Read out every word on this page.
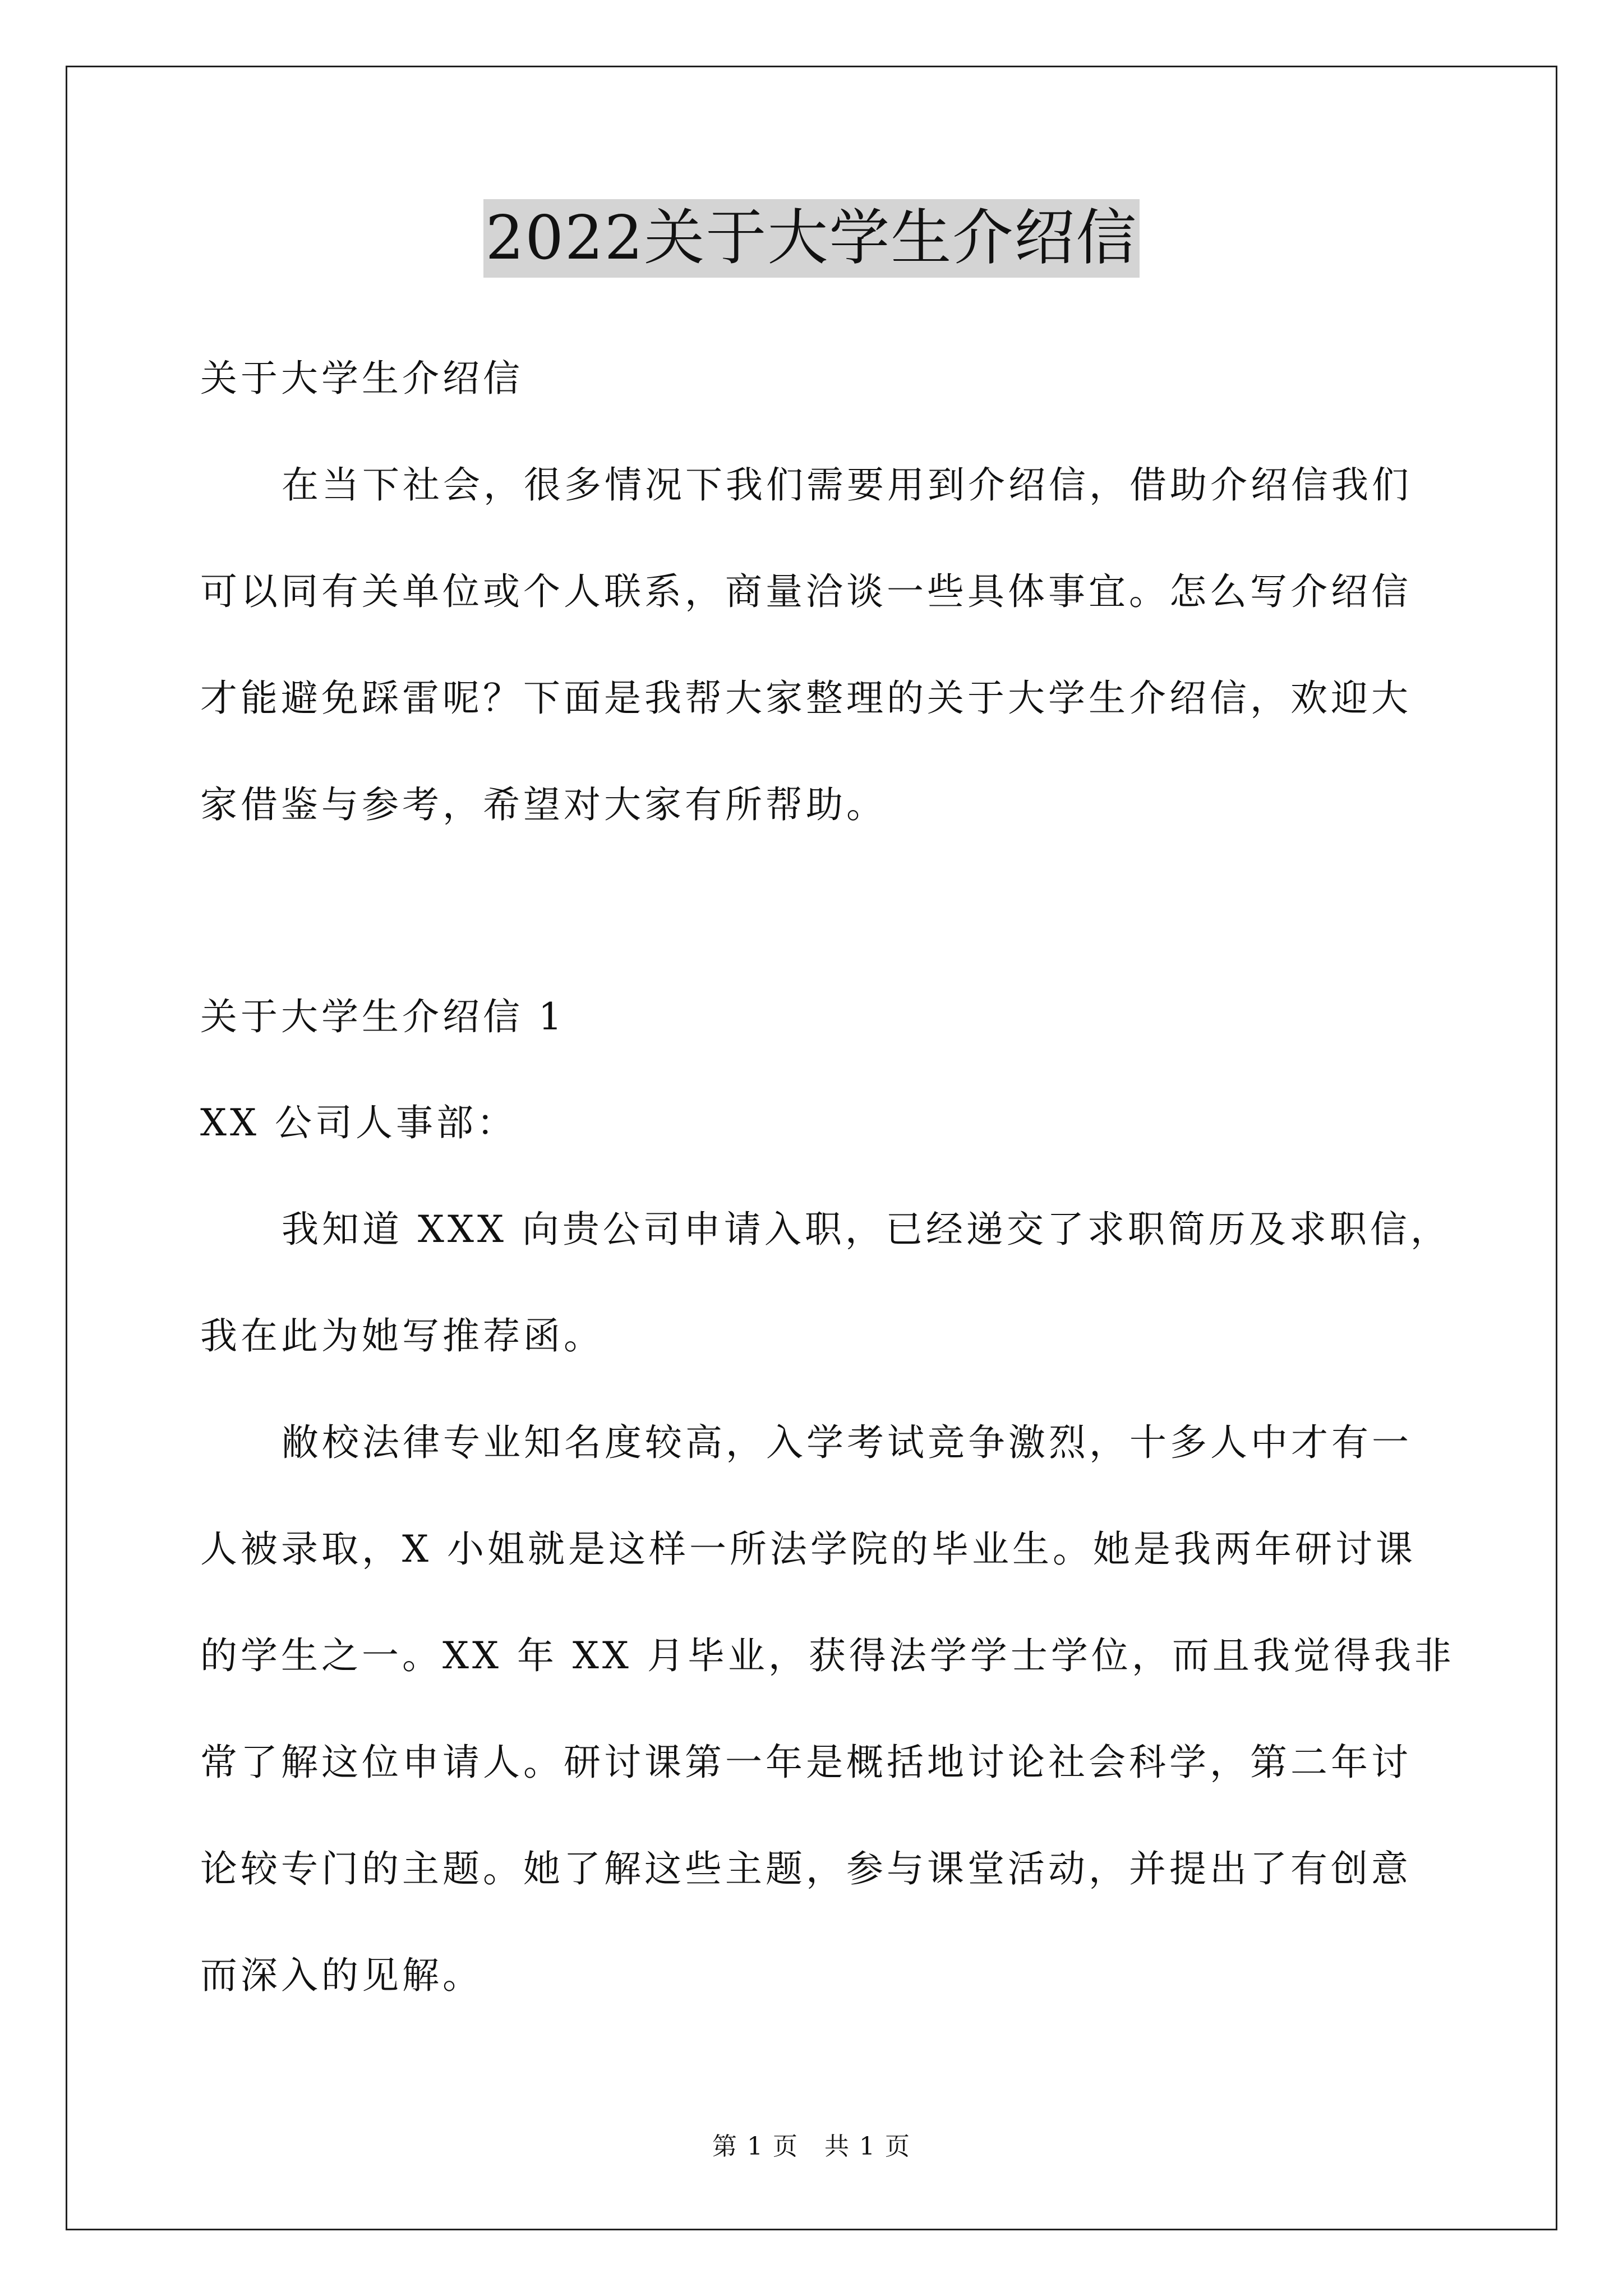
2022关于大学生介绍信
关于大学生介绍信
在当下社会，很多情况下我们需要用到介绍信，借助介绍信我们
可以同有关单位或个人联系，商量洽谈一些具体事宜。怎么写介绍信
才能避免踩雷呢？下面是我帮大家整理的关于大学生介绍信，欢迎大
家借鉴与参考，希望对大家有所帮助。
关于大学生介绍信 1
XX 公司人事部：
我知道 XXX 向贵公司申请入职，已经递交了求职简历及求职信，
我在此为她写推荐函。
敝校法律专业知名度较高，入学考试竞争激烈，十多人中才有一
人被录取，X 小姐就是这样一所法学院的毕业生。她是我两年研讨课
的学生之一。XX 年 XX 月毕业，获得法学学士学位，而且我觉得我非
常了解这位申请人。研讨课第一年是概括地讨论社会科学，第二年讨
论较专门的主题。她了解这些主题，参与课堂活动，并提出了有创意
而深入的见解。
第 1 页　共 1 页
